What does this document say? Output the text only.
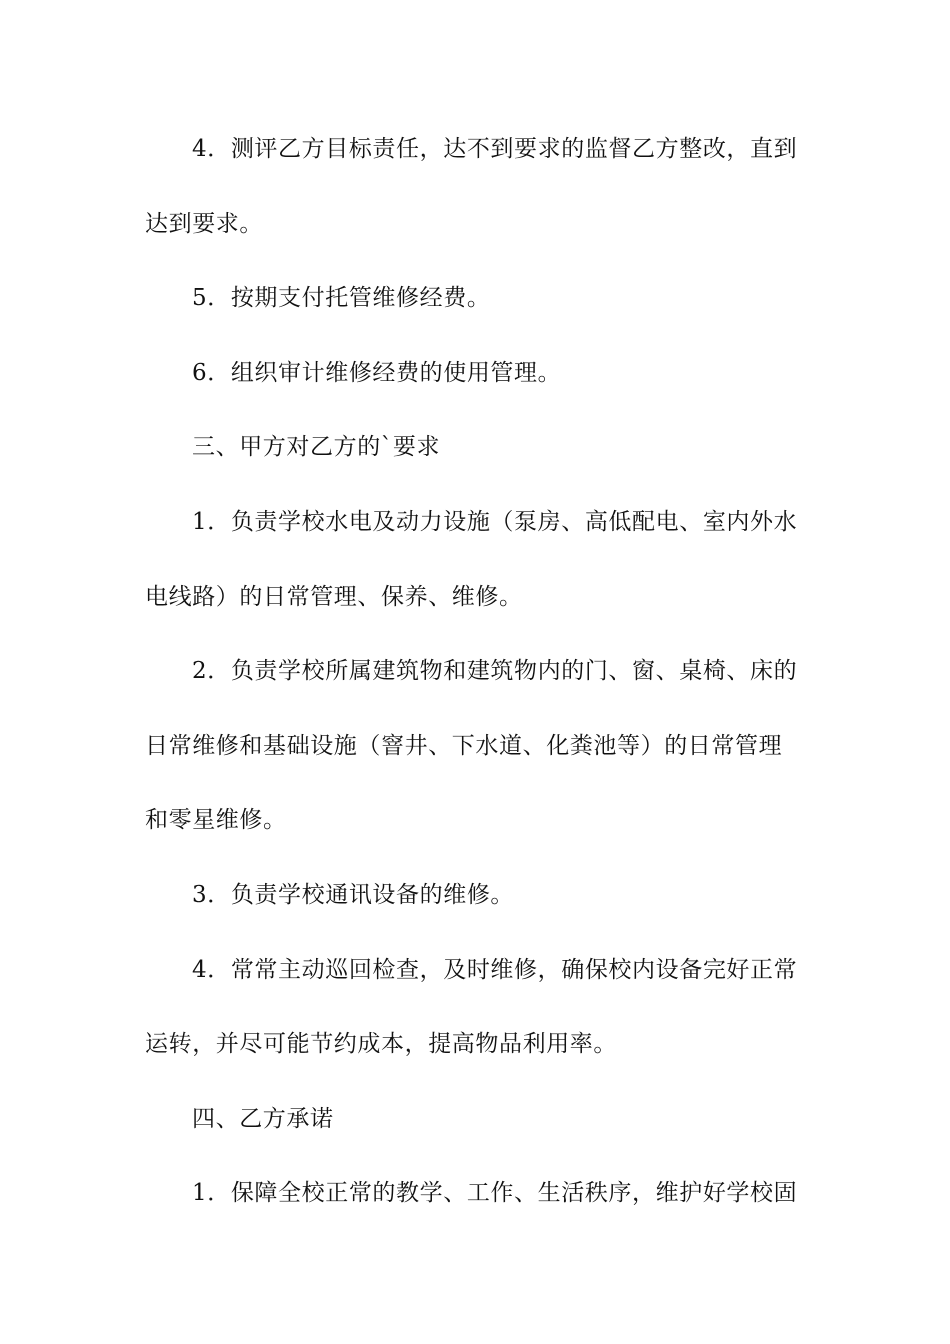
4．测评乙方目标责任，达不到要求的监督乙方整改，直到
达到要求。
5．按期支付托管维修经费。
6．组织审计维修经费的使用管理。
三、甲方对乙方的`要求
1．负责学校水电及动力设施（泵房、高低配电、室内外水
电线路）的日常管理、保养、维修。
2．负责学校所属建筑物和建筑物内的门、窗、桌椅、床的
日常维修和基础设施（窨井、下水道、化粪池等）的日常管理
和零星维修。
3．负责学校通讯设备的维修。
4．常常主动巡回检查，及时维修，确保校内设备完好正常
运转，并尽可能节约成本，提高物品利用率。
四、乙方承诺
1．保障全校正常的教学、工作、生活秩序，维护好学校固
